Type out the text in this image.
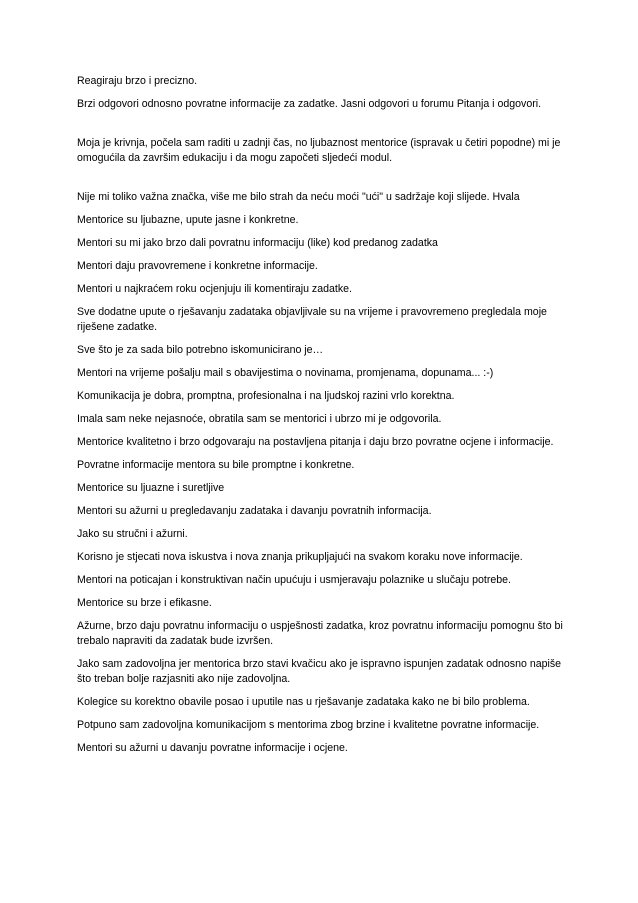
Reagiraju brzo i precizno.

Brzi odgovori odnosno povratne informacije za zadatke. Jasni odgovori u forumu Pitanja i odgovori.

Moja je krivnja, počela sam raditi u zadnji čas, no ljubaznost mentorice (ispravak u četiri popodne) mi je omogućila da završim edukaciju i da mogu započeti sljedeći modul.

Nije mi toliko važna značka, više me bilo strah da neću moći "ući" u sadržaje koji slijede. Hvala

Mentorice su ljubazne, upute jasne i konkretne.

Mentori su mi jako brzo dali povratnu informaciju (like) kod predanog zadatka

Mentori daju pravovremene i konkretne informacije.

Mentori u najkraćem roku ocjenjuju ili komentiraju zadatke.

Sve dodatne upute o rješavanju zadataka objavljivale su na vrijeme i pravovremeno pregledala moje riješene zadatke.

Sve što je za sada bilo potrebno iskomunicirano je…

Mentori na vrijeme pošalju mail s obavijestima o novinama, promjenama, dopunama... :-)

Komunikacija je dobra, promptna, profesionalna i na ljudskoj razini vrlo korektna.

Imala sam neke nejasnoće, obratila sam se mentorici i ubrzo mi je odgovorila.

Mentorice kvalitetno i brzo odgovaraju na postavljena pitanja i daju brzo povratne ocjene i informacije.

Povratne informacije mentora su bile promptne i konkretne.

Mentorice su ljuazne i suretljive

Mentori su ažurni u pregledavanju zadataka i davanju povratnih informacija.

Jako su stručni i ažurni.

Korisno je stjecati nova iskustva i nova znanja prikupljajući na svakom koraku nove informacije.

Mentori na poticajan i konstruktivan način upućuju i usmjeravaju polaznike u slučaju potrebe.

Mentorice su brze i efikasne.

Ažurne, brzo daju povratnu informaciju o uspješnosti zadatka, kroz povratnu informaciju pomognu što bi trebalo napraviti da zadatak bude izvršen.

Jako sam zadovoljna jer mentorica brzo stavi kvačicu ako je ispravno ispunjen zadatak odnosno napiše što treban bolje razjasniti ako nije zadovoljna.

Kolegice su korektno obavile posao i uputile nas u rješavanje zadataka kako ne bi bilo problema.

Potpuno sam zadovoljna komunikacijom s mentorima zbog brzine i kvalitetne povratne informacije.

Mentori su ažurni u davanju povratne informacije i ocjene.
